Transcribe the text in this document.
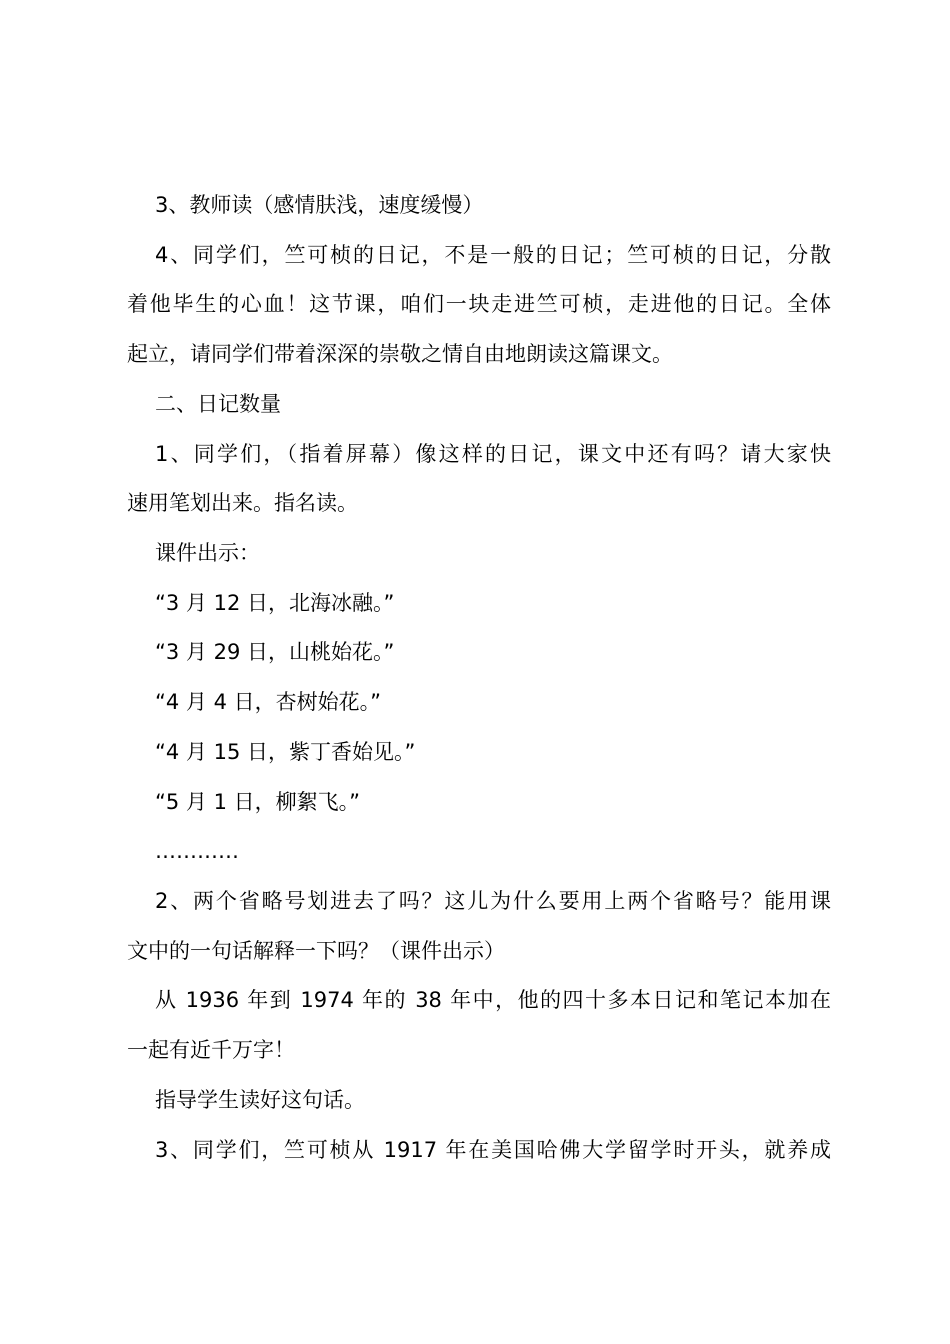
3、教师读（感情肤浅，速度缓慢）
4、同学们，竺可桢的日记，不是一般的日记；竺可桢的日记，分散
着他毕生的心血！这节课，咱们一块走进竺可桢，走进他的日记。全体
起立，请同学们带着深深的崇敬之情自由地朗读这篇课文。
二、日记数量
1、同学们，（指着屏幕）像这样的日记，课文中还有吗？请大家快
速用笔划出来。指名读。
课件出示：
“3 月 12 日，北海冰融。”
“3 月 29 日，山桃始花。”
“4 月 4 日，杏树始花。”
“4 月 15 日，紫丁香始见。”
“5 月 1 日，柳絮飞。”
…………
2、两个省略号划进去了吗？这儿为什么要用上两个省略号？能用课
文中的一句话解释一下吗？（课件出示）
从 1936 年到 1974 年的 38 年中，他的四十多本日记和笔记本加在
一起有近千万字！
指导学生读好这句话。
3、同学们，竺可桢从 1917 年在美国哈佛大学留学时开头，就养成
